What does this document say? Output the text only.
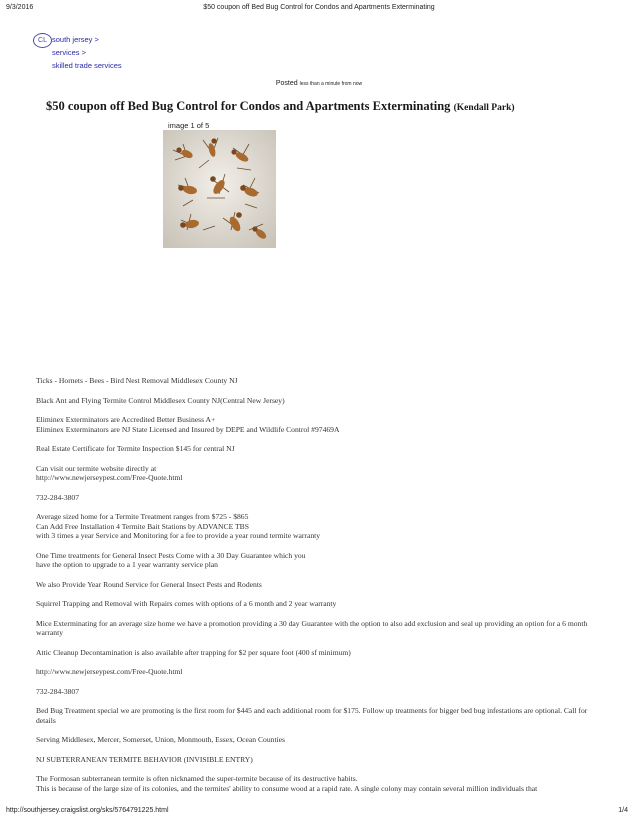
9/3/2016	$50 coupon off Bed Bug Control for Condos and Apartments Exterminating
CL south jersey >
services >
skilled trade services
Posted less than a minute from now
$50 coupon off Bed Bug Control for Condos and Apartments Exterminating (Kendall Park)
image 1 of 5

Ticks - Hornets - Bees - Bird Nest Removal Middlesex County NJ

Black Ant and Flying Termite Control Middlesex County NJ(Central New Jersey)

Eliminex Exterminators are Accredited Better Business A+
Eliminex Exterminators are NJ State Licensed and Insured by DEPE and Wildlife Control #97469A

Real Estate Certificate for Termite Inspection $145 for central NJ

Can visit our termite website directly at
http://www.newjerseypest.com/Free-Quote.html

732-284-3807

Average sized home for a Termite Treatment ranges from $725 - $865
Can Add Free Installation 4 Termite Bait Stations by ADVANCE TBS
with 3 times a year Service and Monitoring for a fee to provide a year round termite warranty

One Time treatments for General Insect Pests Come with a 30 Day Guarantee which you
have the option to upgrade to a 1 year warranty service plan

We also Provide Year Round Service for General Insect Pests and Rodents

Squirrel Trapping and Removal with Repairs comes with options of a 6 month and 2 year warranty

Mice Exterminating for an average size home we have a promotion providing a 30 day Guarantee with the option to also add exclusion and seal up providing an option for a 6 month warranty

Attic Cleanup Decontamination is also available after trapping for $2 per square foot (400 sf minimum)

http://www.newjerseypest.com/Free-Quote.html

732-284-3807

Bed Bug Treatment special we are promoting is the first room for $445 and each additional room for $175. Follow up treatments for bigger bed bug infestations are optional. Call for details

Serving Middlesex, Mercer, Somerset, Union, Monmouth, Essex, Ocean Counties

NJ SUBTERRANEAN TERMITE BEHAVIOR (INVISIBLE ENTRY)

The Formosan subterranean termite is often nicknamed the super-termite because of its destructive habits.
This is because of the large size of its colonies, and the termites' ability to consume wood at a rapid rate. A single colony may contain several million individuals that

http://southjersey.craigslist.org/sks/5764791225.html	1/4
